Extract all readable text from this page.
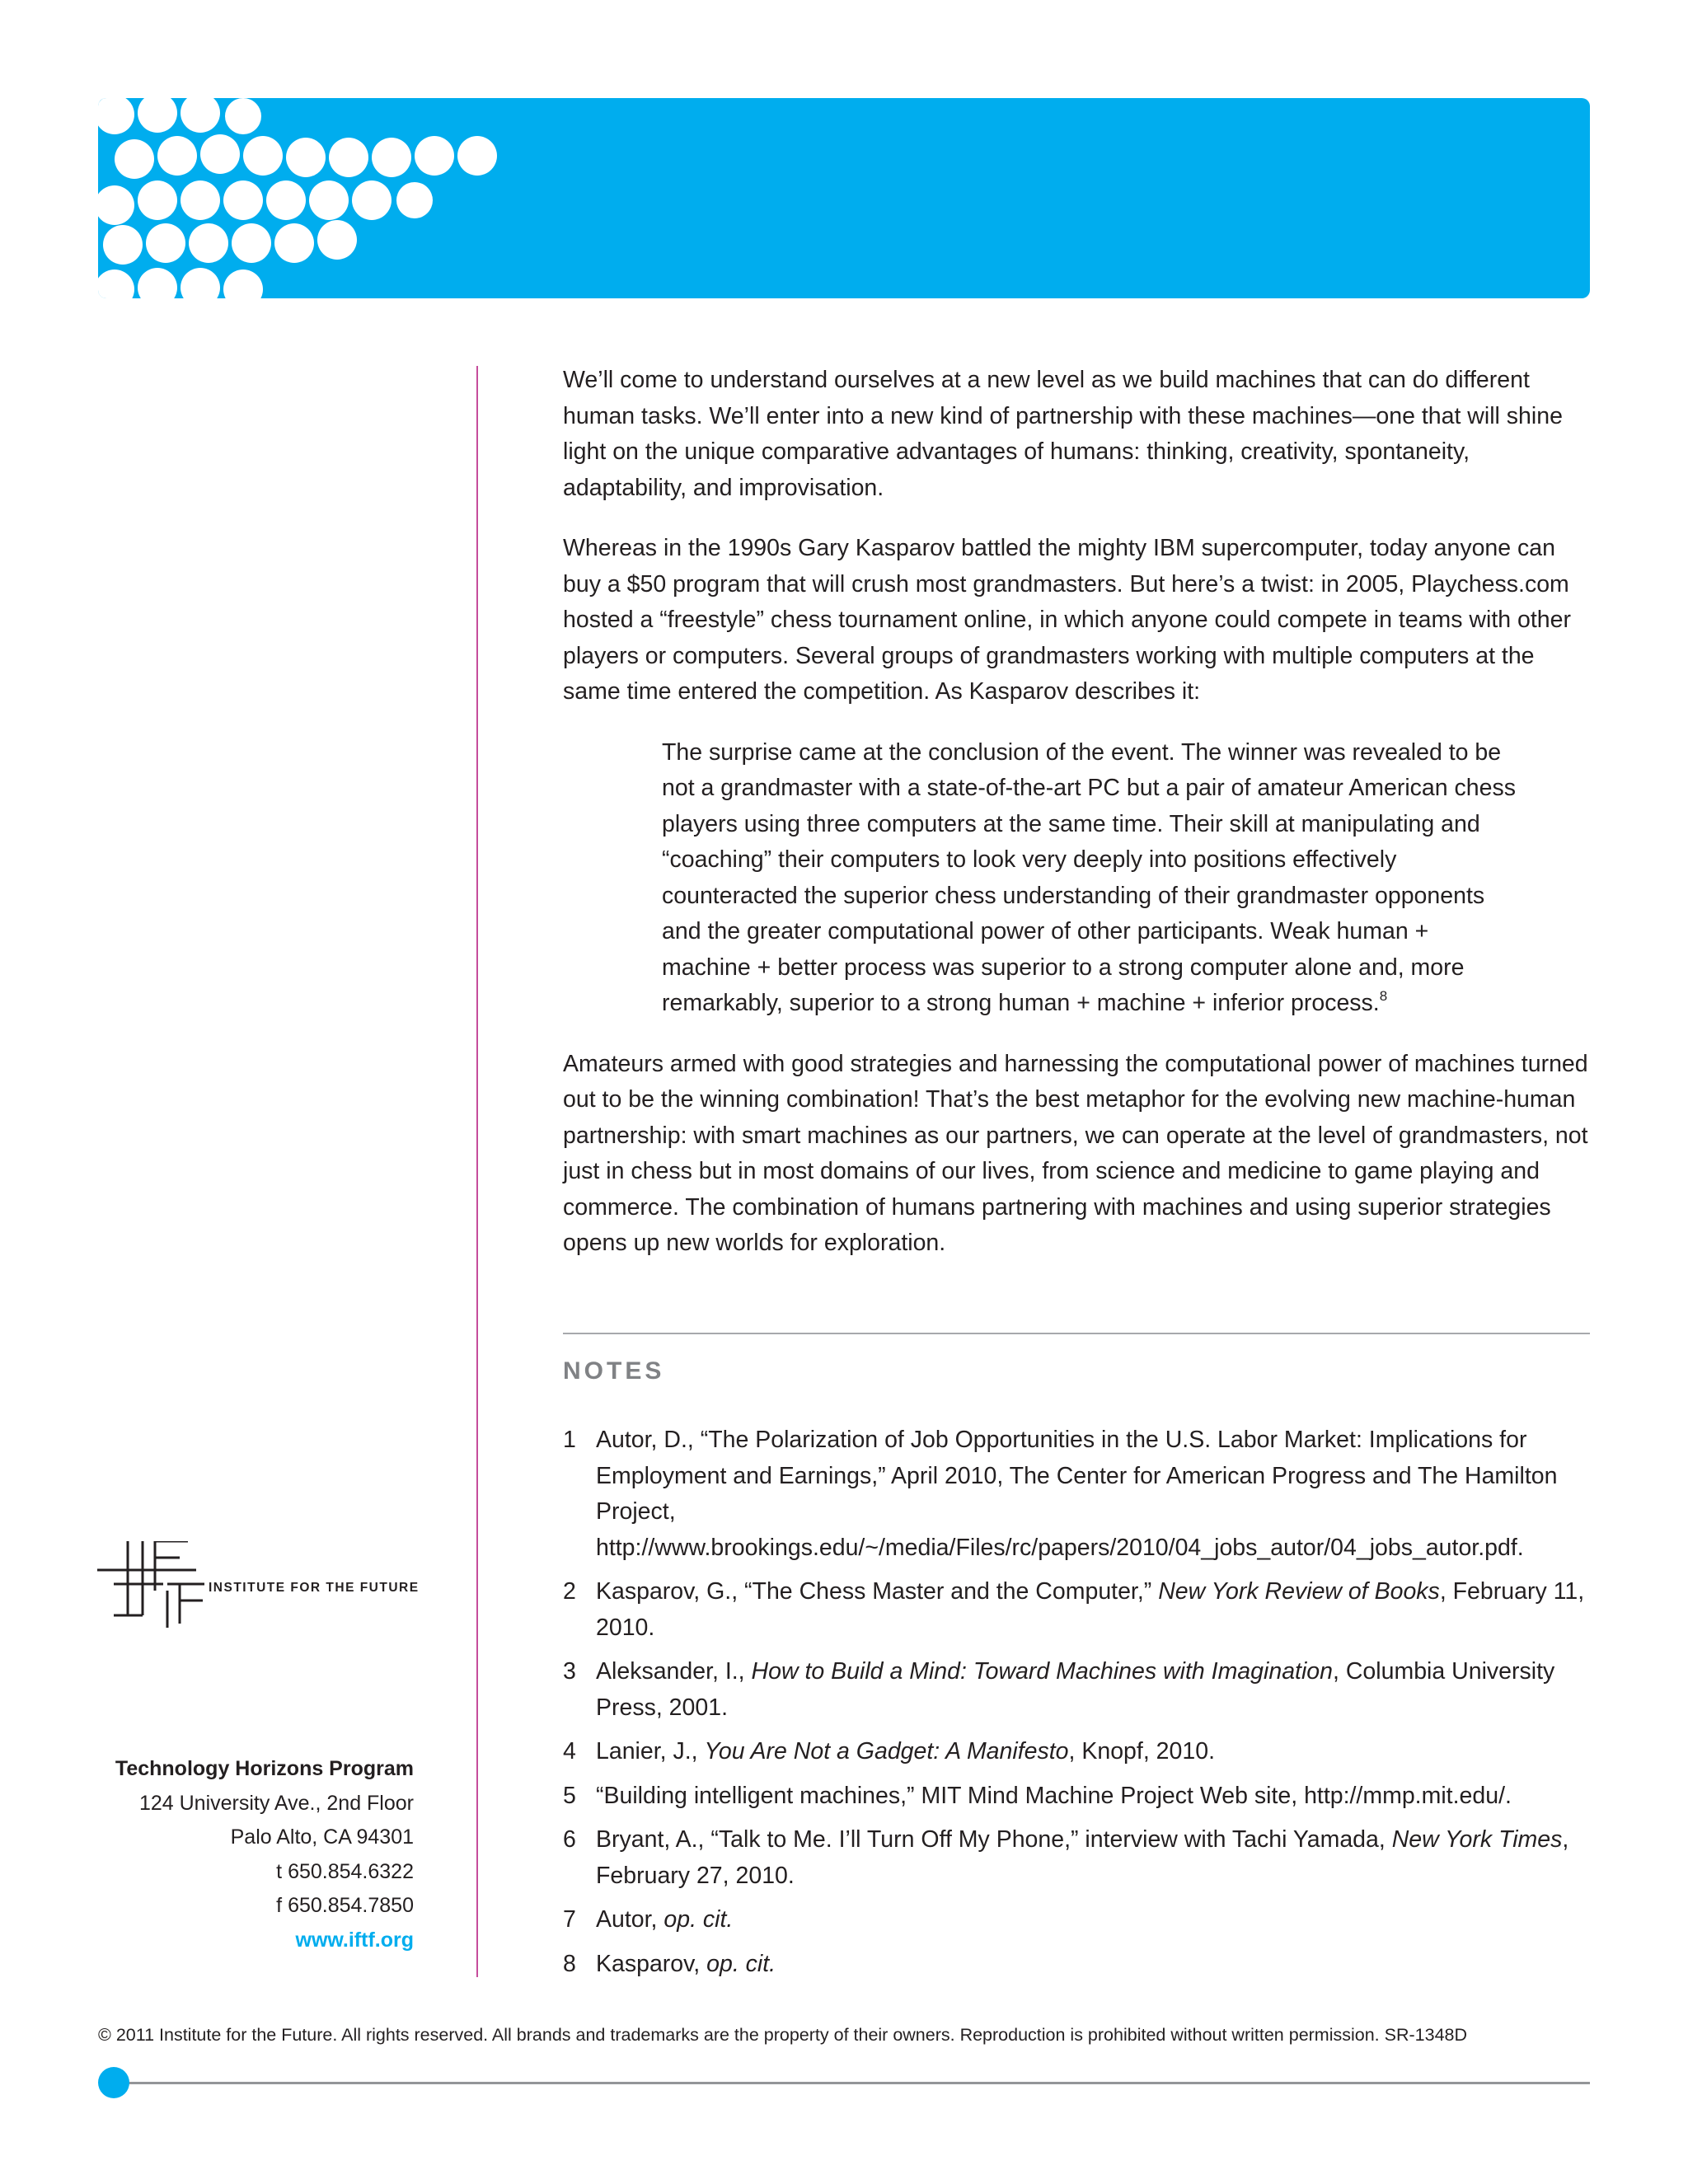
We’ll come to understand ourselves at a new level as we build machines that can do different human tasks. We’ll enter into a new kind of partnership with these machines—one that will shine light on the unique comparative advantages of humans: thinking, creativity, spontaneity, adaptability, and improvisation.

Whereas in the 1990s Gary Kasparov battled the mighty IBM supercomputer, today anyone can buy a $50 program that will crush most grandmasters. But here’s a twist: in 2005, Playchess.com hosted a “freestyle” chess tournament online, in which anyone could compete in teams with other players or computers. Several groups of grandmasters working with multiple computers at the same time entered the competition. As Kasparov describes it:

The surprise came at the conclusion of the event. The winner was revealed to be not a grandmaster with a state-of-the-art PC but a pair of amateur American chess players using three computers at the same time. Their skill at manipulating and “coaching” their computers to look very deeply into positions effectively counteracted the superior chess understanding of their grandmaster opponents and the greater computational power of other participants. Weak human + machine + better process was superior to a strong computer alone and, more remarkably, superior to a strong human + machine + inferior process.$^8$

Amateurs armed with good strategies and harnessing the computational power of machines turned out to be the winning combination! That’s the best metaphor for the evolving new machine-human partnership: with smart machines as our partners, we can operate at the level of grandmasters, not just in chess but in most domains of our lives, from science and medicine to game playing and commerce. The combination of humans partnering with machines and using superior strategies opens up new worlds for exploration.

NOTES
1 Autor, D., “The Polarization of Job Opportunities in the U.S. Labor Market: Implications for Employment and Earnings,” April 2010, The Center for American Progress and The Hamilton Project, http://www.brookings.edu/~/media/Files/rc/papers/2010/04_jobs_autor/04_jobs_autor.pdf.
2 Kasparov, G., “The Chess Master and the Computer,” New York Review of Books, February 11, 2010.
3 Aleksander, I., How to Build a Mind: Toward Machines with Imagination, Columbia University Press, 2001.
4 Lanier, J., You Are Not a Gadget: A Manifesto, Knopf, 2010.
5 “Building intelligent machines,” MIT Mind Machine Project Web site, http://mmp.mit.edu/.
6 Bryant, A., “Talk to Me. I’ll Turn Off My Phone,” interview with Tachi Yamada, New York Times, February 27, 2010.
7 Autor, op. cit.
8 Kasparov, op. cit.
INSTITUTE FOR THE FUTURE
Technology Horizons Program
124 University Ave., 2nd Floor
Palo Alto, CA 94301
t 650.854.6322
f 650.854.7850
www.iftf.org
© 2011 Institute for the Future. All rights reserved. All brands and trademarks are the property of their owners. Reproduction is prohibited without written permission. SR-1348D
